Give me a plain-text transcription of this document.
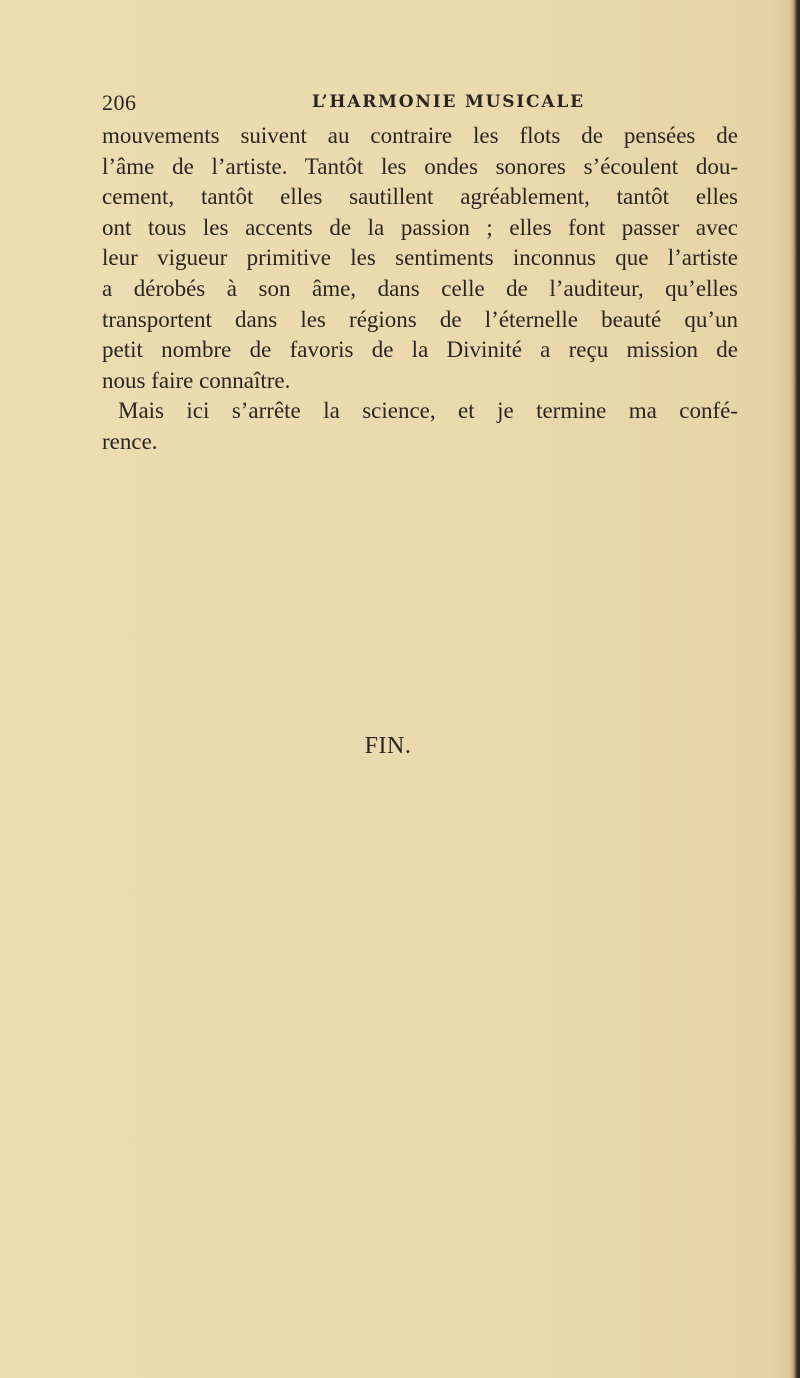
206	L’HARMONIE MUSICALE
mouvements suivent au contraire les flots de pensées de
l’âme de l’artiste. Tantôt les ondes sonores s’écoulent dou-
cement, tantôt elles sautillent agréablement, tantôt elles
ont tous les accents de la passion ; elles font passer avec
leur vigueur primitive les sentiments inconnus que l’artiste
a dérobés à son âme, dans celle de l’auditeur, qu’elles
transportent dans les régions de l’éternelle beauté qu’un
petit nombre de favoris de la Divinité a reçu mission de
nous faire connaître.
Mais ici s’arrête la science, et je termine ma confé-
rence.
FIN.
